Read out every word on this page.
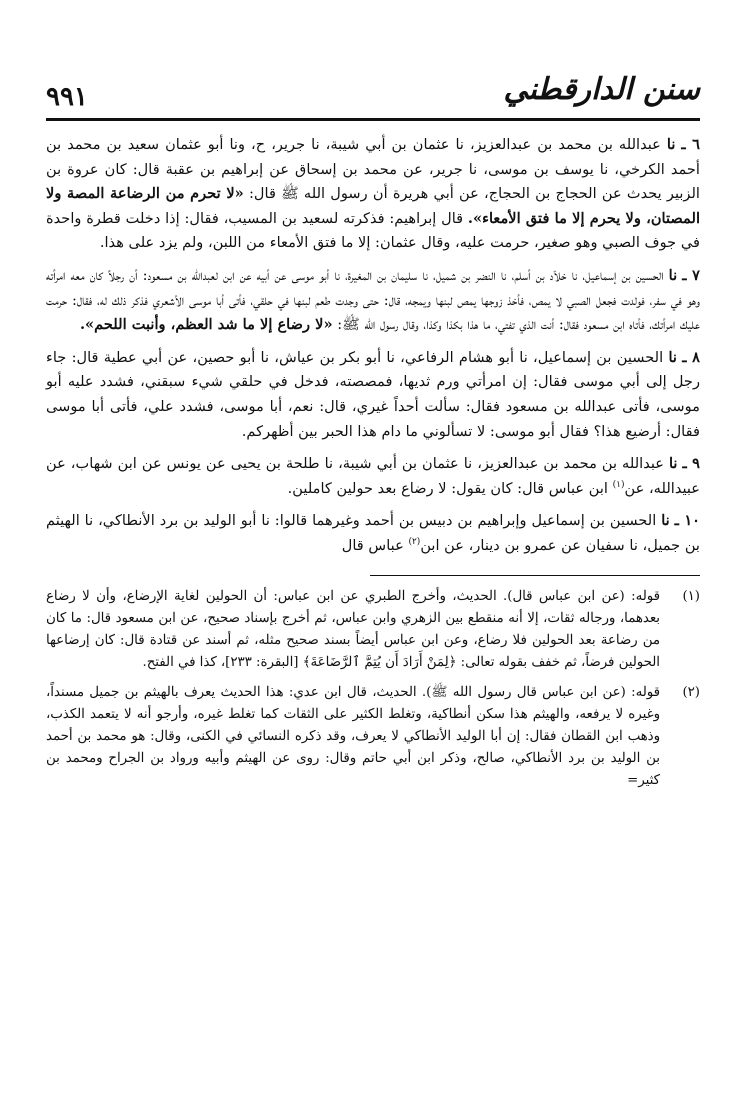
سنن الدارقطني
٩٩١

٦ ـ نا عبدالله بن محمد بن عبدالعزيز، نا عثمان بن أبي شيبة، نا جرير، ح، ونا أبو عثمان سعيد بن محمد بن أحمد الكرخي، نا يوسف بن موسى، نا جرير، عن محمد بن إسحاق عن إبراهيم بن عقبة قال: كان عروة بن الزبير يحدث عن الحجاج بن الحجاج، عن أبي هريرة أن رسول الله ﷺ قال: «لا تحرم من الرضاعة المصة ولا المصتان، ولا يحرم إلا ما فتق الأمعاء». قال إبراهيم: فذكرته لسعيد بن المسيب، فقال: إذا دخلت قطرة واحدة في جوف الصبي وهو صغير، حرمت عليه، وقال عثمان: إلا ما فتق الأمعاء من اللبن، ولم يزد على هذا.

٧ ـ نا الحسين بن إسماعيل، نا خلاّد بن أسلم، نا النضر بن شميل، نا سليمان بن المغيرة، نا أبو موسى عن أبيه عن ابن لعبدالله بن مسعود: أن رجلاً كان معه امرأته وهو في سفر، فولدت فجعل الصبي لا يمص، فأخذ زوجها يمص لبنها ويمجه، قال: حتى وجدت طعم لبنها في حلقي، فأتى أبا موسى الأشعري فذكر ذلك له، فقال: حرمت عليك امرأتك، فأتاه ابن مسعود فقال: أنت الذي تفتي، ما هذا بكذا وكذا، وقال رسول الله ﷺ: «لا رضاع إلا ما شد العظم، وأنبت اللحم».

٨ ـ نا الحسين بن إسماعيل، نا أبو هشام الرفاعي، نا أبو بكر بن عياش، نا أبو حصين، عن أبي عطية قال: جاء رجل إلى أبي موسى فقال: إن امرأتي ورم ثديها، فمصصته، فدخل في حلقي شيء سبقني، فشدد عليه أبو موسى، فأتى عبدالله بن مسعود فقال: سألت أحداً غيري، قال: نعم، أبا موسى، فشدد علي، فأتى أبا موسى فقال: أرضيع هذا؟ فقال أبو موسى: لا تسألوني ما دام هذا الحبر بين أظهركم.

٩ ـ نا عبدالله بن محمد بن عبدالعزيز، نا عثمان بن أبي شيبة، نا طلحة بن يحيى عن يونس عن ابن شهاب، عن عبيدالله، عن$^{(١)}$ ابن عباس قال: كان يقول: لا رضاع بعد حولين كاملين.

١٠ ـ نا الحسين بن إسماعيل وإبراهيم بن دبيس بن أحمد وغيرهما قالوا: نا أبو الوليد بن برد الأنطاكي، نا الهيثم بن جميل، نا سفيان عن عمرو بن دينار، عن ابن$^{(٢)}$ عباس قال

(١)
قوله: (عن ابن عباس قال). الحديث، وأخرج الطبري عن ابن عباس: أن الحولين لغاية الإرضاع، وأن لا رضاع بعدهما، ورجاله ثقات، إلا أنه منقطع بين الزهري وابن عباس، ثم أخرج بإسناد صحيح، عن ابن مسعود قال: ما كان من رضاعة بعد الحولين فلا رضاع، وعن ابن عباس أيضاً بسند صحيح مثله، ثم أسند عن قتادة قال: كان إرضاعها الحولين فرضاً، ثم خفف بقوله تعالى: ﴿لِمَنْ أَرَادَ أَن يُتِمَّ ٱلرَّضَاعَةَ﴾ [البقرة: ٢٣٣]، كذا في الفتح.
(٢)
قوله: (عن ابن عباس قال رسول الله ﷺ). الحديث، قال ابن عدي: هذا الحديث يعرف بالهيثم بن جميل مسنداً، وغيره لا يرفعه، والهيثم هذا سكن أنطاكية، وتغلط الكثير على الثقات كما تغلط غيره، وأرجو أنه لا يتعمد الكذب، وذهب ابن القطان فقال: إن أبا الوليد الأنطاكي لا يعرف، وقد ذكره النسائي في الكنى، وقال: هو محمد بن أحمد بن الوليد بن برد الأنطاكي، صالح، وذكر ابن أبي حاتم وقال: روى عن الهيثم وأبيه ورواد بن الجراح ومحمد بن كثير=
